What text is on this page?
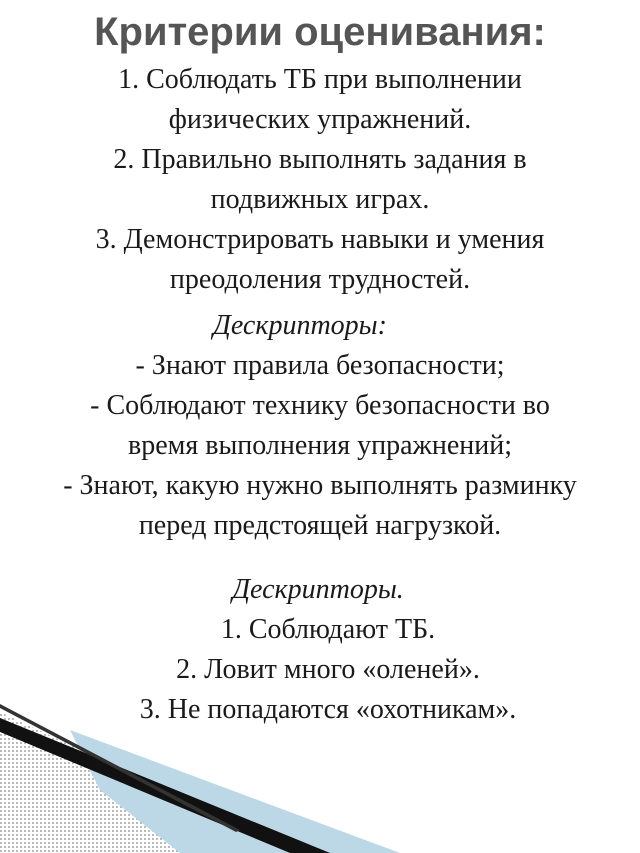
Критерии оценивания:

1. Соблюдать ТБ при выполнении

физических упражнений.

2. Правильно выполнять задания в

подвижных играх.

3. Демонстрировать навыки и умения

преодоления трудностей.

Дескрипторы:

- Знают правила безопасности;

- Соблюдают технику безопасности во

время выполнения упражнений;

- Знают, какую нужно выполнять разминку

перед предстоящей нагрузкой.

Дескрипторы.

1. Соблюдают ТБ.

2. Ловит много «оленей».

3. Не попадаются «охотникам».
